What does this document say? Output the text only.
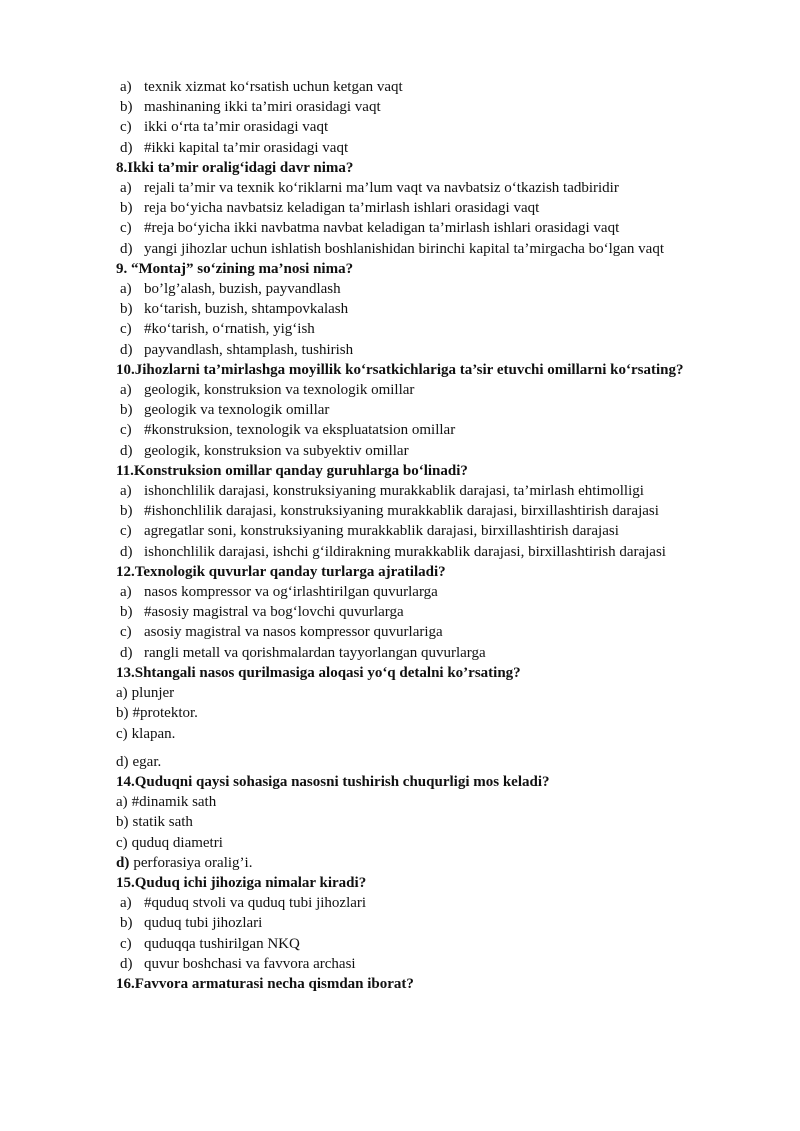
a) texnik xizmat ko‘rsatish uchun ketgan vaqt
b) mashinaning ikki ta’miri orasidagi vaqt
c) ikki o‘rta ta’mir orasidagi vaqt
d) #ikki kapital ta’mir orasidagi vaqt
8.Ikki ta’mir oralig‘idagi davr nima?
a) rejali ta’mir va texnik ko‘riklarni ma’lum vaqt va navbatsiz o‘tkazish tadbiridir
b) reja bo‘yicha navbatsiz keladigan ta’mirlash ishlari orasidagi vaqt
c) #reja bo‘yicha ikki navbatma navbat keladigan ta’mirlash ishlari orasidagi vaqt
d) yangi jihozlar uchun ishlatish boshlanishidan birinchi kapital ta’mirgacha bo‘lgan vaqt
9. “Montaj” so‘zining ma’nosi nima?
a) bo’lg’alash, buzish, payvandlash
b) ko‘tarish, buzish, shtampovkalash
c) #ko‘tarish, o‘rnatish, yig‘ish
d) payvandlash, shtamplash, tushirish
10.Jihozlarni ta’mirlashga moyillik ko‘rsatkichlariga ta’sir etuvchi omillarni ko‘rsating?
a) geologik, konstruksion va texnologik omillar
b) geologik va texnologik omillar
c) #konstruksion, texnologik va ekspluatatsion omillar
d) geologik, konstruksion va subyektiv omillar
11.Konstruksion omillar qanday guruhlarga bo‘linadi?
a) ishonchlilik darajasi, konstruksiyaning murakkablik darajasi, ta’mirlash ehtimolligi
b) #ishonchlilik darajasi, konstruksiyaning murakkablik darajasi, birxillashtirish darajasi
c) agregatlar soni, konstruksiyaning murakkablik darajasi, birxillashtirish darajasi
d) ishonchlilik darajasi, ishchi g‘ildirakning murakkablik darajasi, birxillashtirish darajasi
12.Texnologik quvurlar qanday turlarga ajratiladi?
a) nasos kompressor va og‘irlashtirilgan quvurlarga
b) #asosiy magistral va bog‘lovchi quvurlarga
c) asosiy magistral va nasos kompressor quvurlariga
d) rangli metall va qorishmalardan tayyorlangan quvurlarga
13.Shtangali nasos qurilmasiga aloqasi yo‘q detalni ko’rsating?
a) plunjer
b) #protektor.
c) klapan.
d) egar.
14.Quduqni qaysi sohasiga nasosni tushirish chuqurligi mos keladi?
a) #dinamik sath
b) statik sath
c) quduq diametri
d) perforasiya oralig’i.
15.Quduq ichi jihoziga nimalar kiradi?
a) #quduq stvoli va quduq tubi jihozlari
b) quduq tubi jihozlari
c) quduqqa tushirilgan NKQ
d) quvur boshchasi va favvora archasi
16.Favvora armaturasi necha qismdan iborat?
